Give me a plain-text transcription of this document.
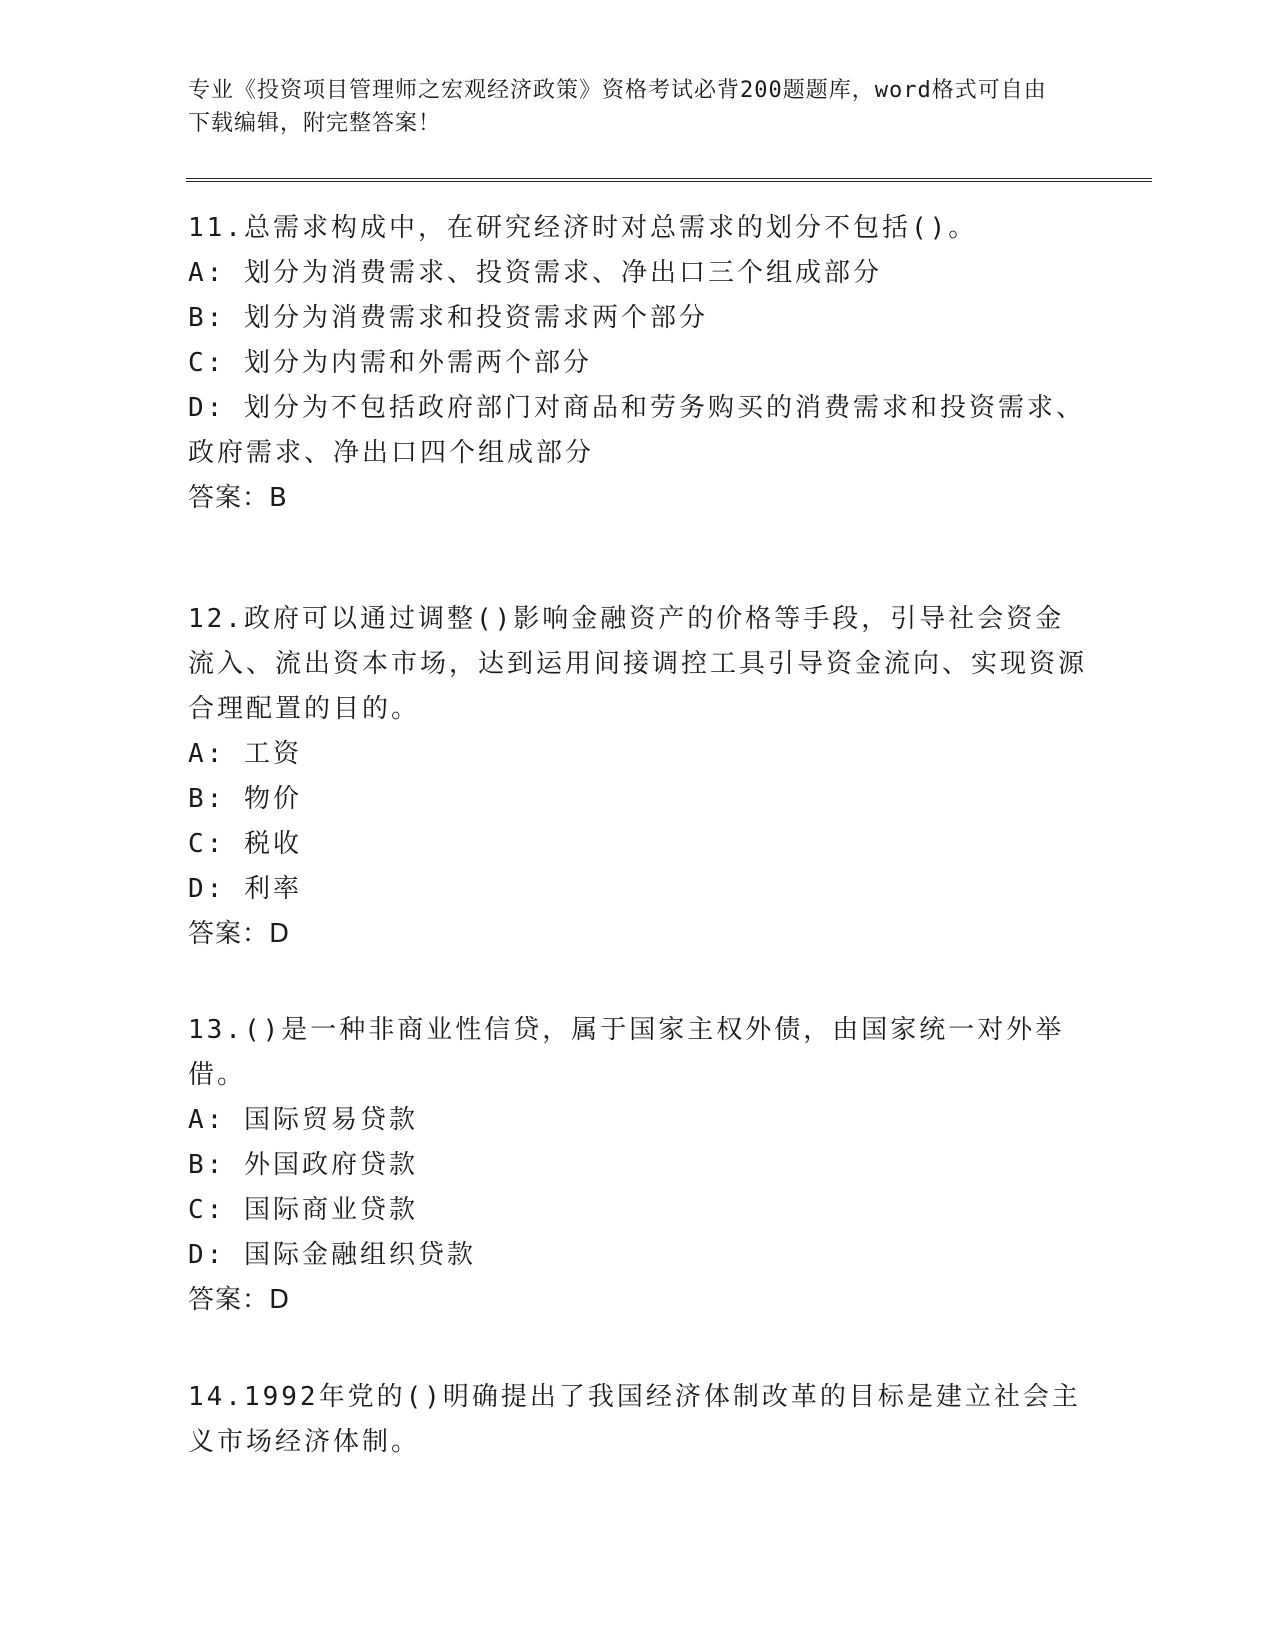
专业《投资项目管理师之宏观经济政策》资格考试必背200题题库，word格式可自由下载编辑，附完整答案！
11.总需求构成中，在研究经济时对总需求的划分不包括()。
A: 划分为消费需求、投资需求、净出口三个组成部分
B: 划分为消费需求和投资需求两个部分
C: 划分为内需和外需两个部分
D: 划分为不包括政府部门对商品和劳务购买的消费需求和投资需求、政府需求、净出口四个组成部分
答案：B
12.政府可以通过调整()影响金融资产的价格等手段，引导社会资金流入、流出资本市场，达到运用间接调控工具引导资金流向、实现资源合理配置的目的。
A: 工资
B: 物价
C: 税收
D: 利率
答案：D
13.()是一种非商业性信贷，属于国家主权外债，由国家统一对外举借。
A: 国际贸易贷款
B: 外国政府贷款
C: 国际商业贷款
D: 国际金融组织贷款
答案：D
14.1992年党的()明确提出了我国经济体制改革的目标是建立社会主义市场经济体制。
